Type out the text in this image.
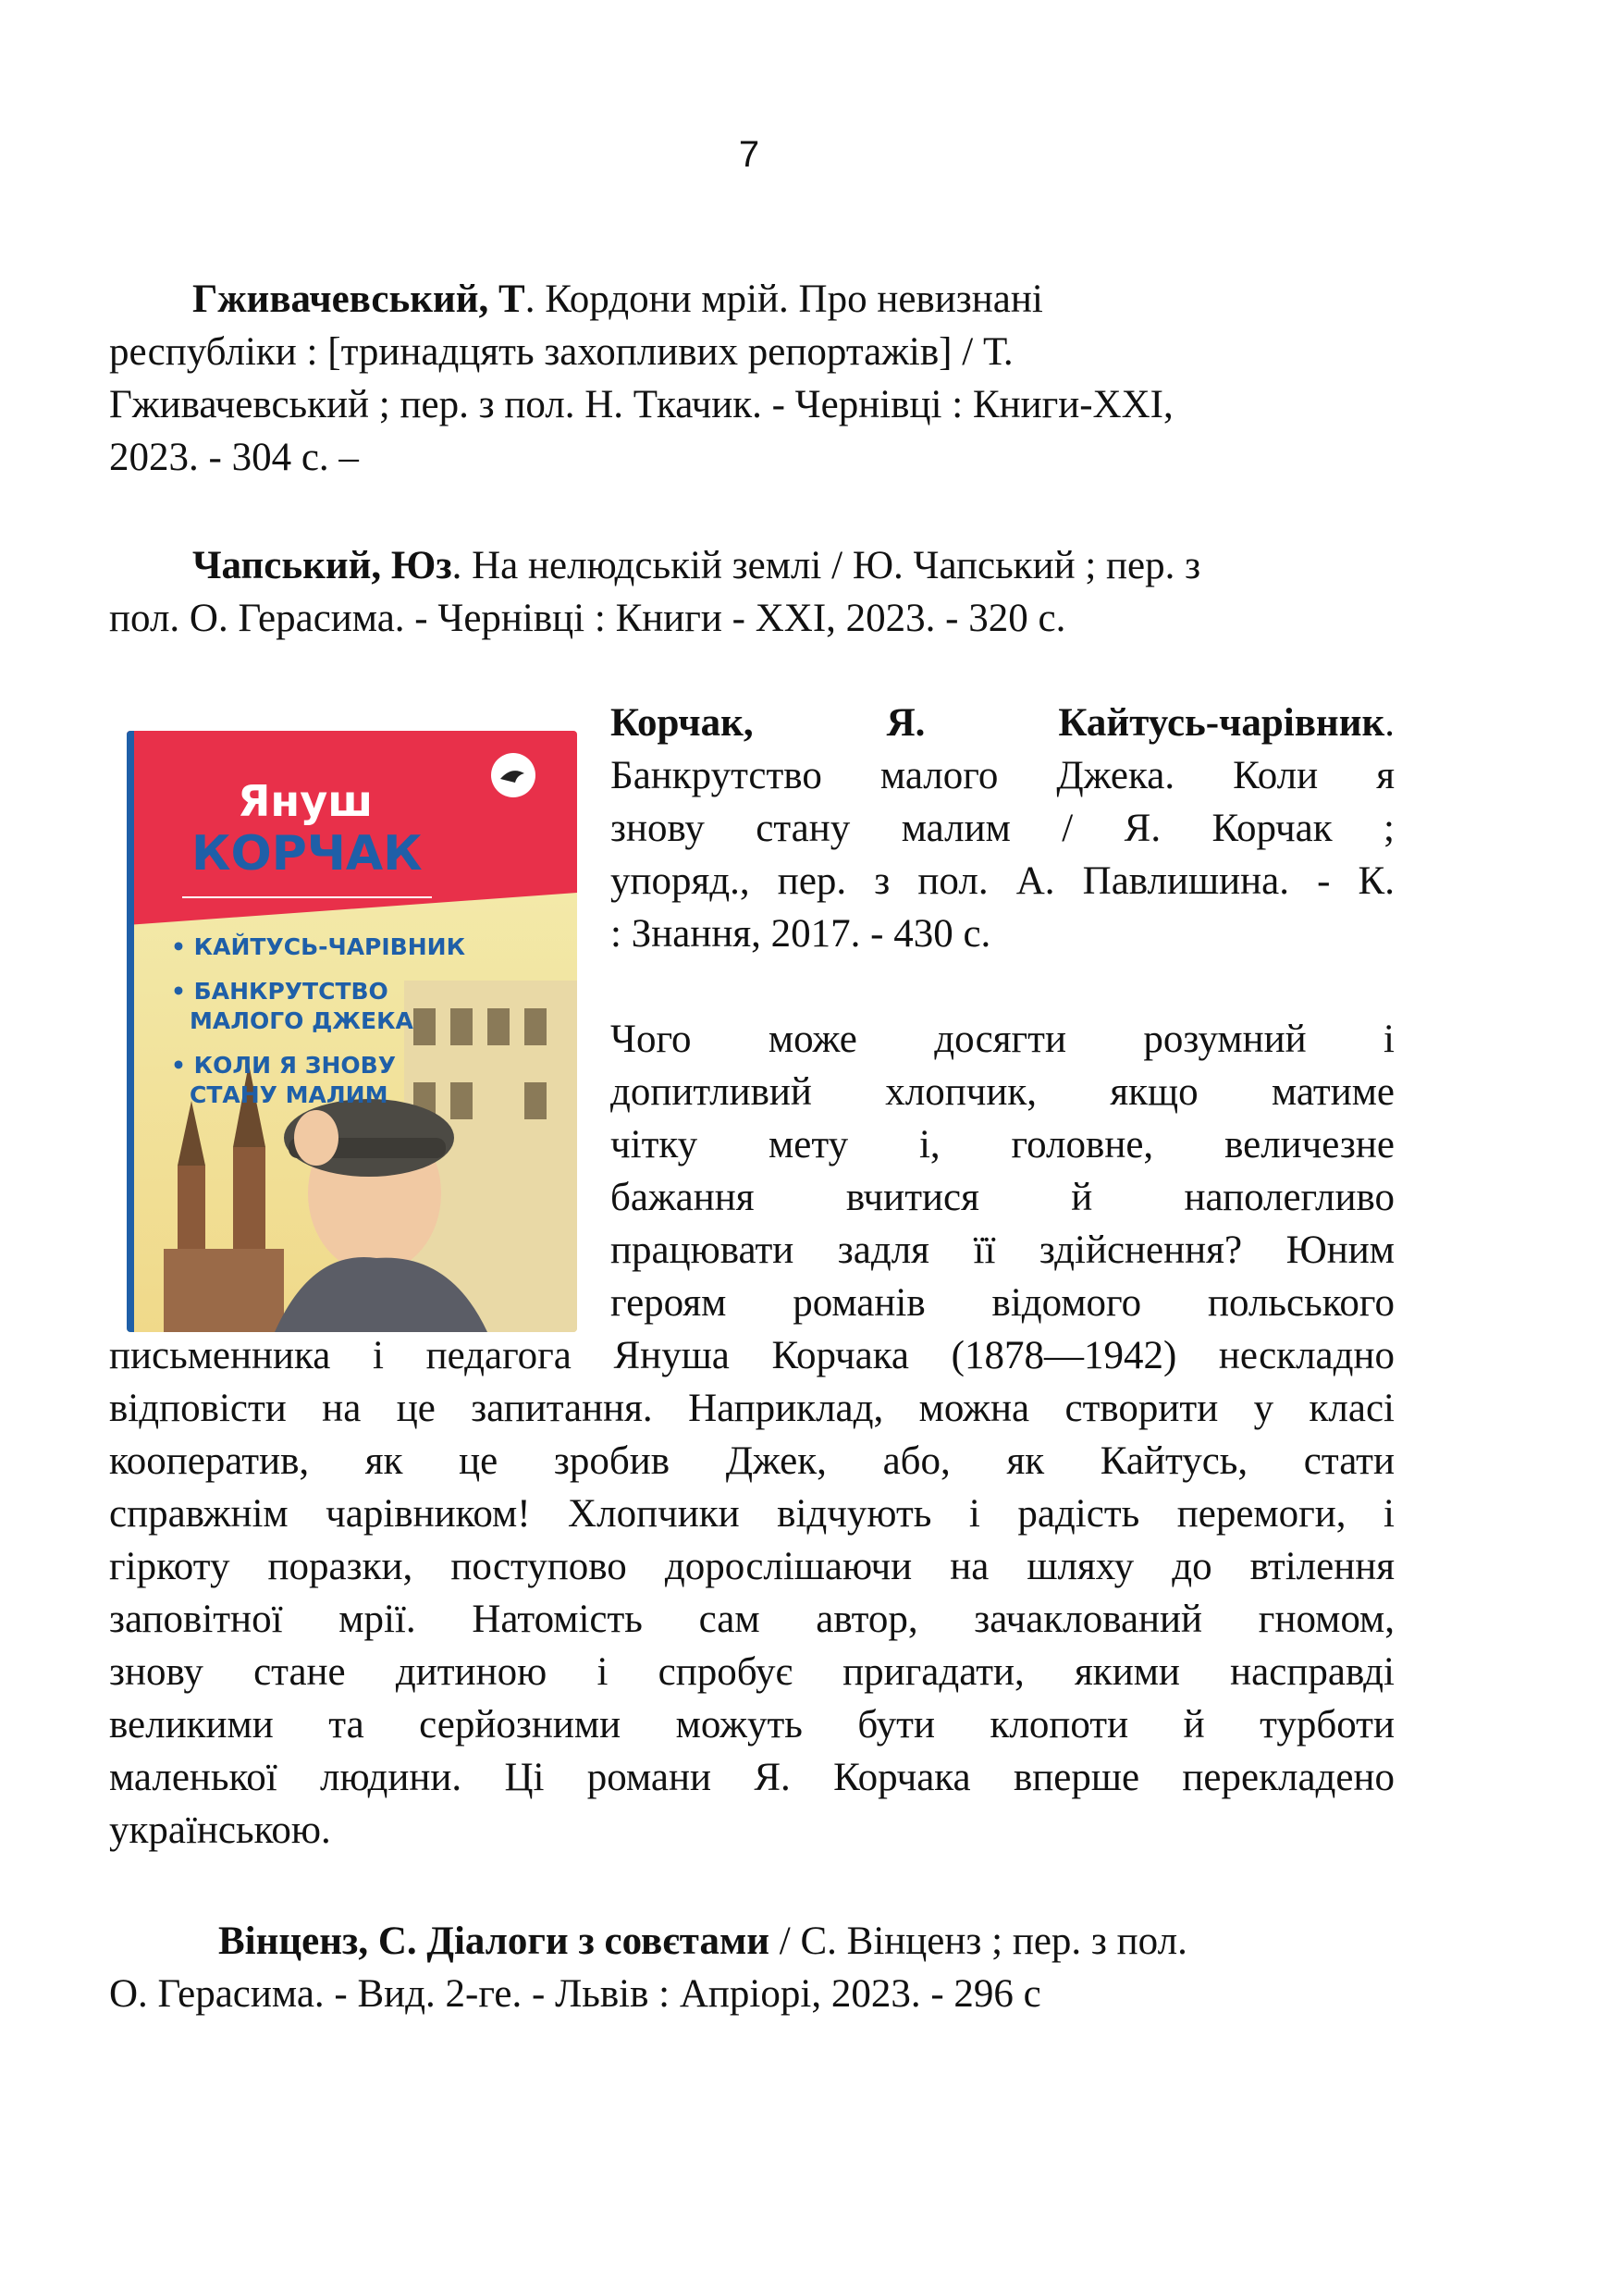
7

Гживачевський, Т. Кордони мрій. Про невизнані
республіки : [тринадцять захопливих репортажів] / Т.
Гживачевський ; пер. з пол. Н. Ткачик. - Чернівці : Книги-XXI,
2023. - 304 с. –

Чапський, Юз. На нелюдській землі / Ю. Чапський ; пер. з
пол. О. Герасима. - Чернівці : Книги - XXI, 2023. - 320 с.

Януш
КОРЧАК
• КАЙТУСЬ-ЧАРІВНИК
• БАНКРУТСТВО
МАЛОГО ДЖЕКА
• КОЛИ Я ЗНОВУ
СТАНУ МАЛИМ
Корчак, Я. Кайтусь-чарівник.
Банкрутство малого Джека. Коли я
знову стану малим / Я. Корчак ;
упоряд., пер. з пол. А. Павлишина. - К.
: Знання, 2017. - 430 с.
Чого може досягти розумний і
допитливий хлопчик, якщо матиме
чітку мету і, головне, величезне
бажання вчитися й наполегливо
працювати задля її здійснення? Юним
героям романів відомого польського
письменника і педагога Януша Корчака (1878—1942) нескладно
відповісти на це запитання. Наприклад, можна створити у класі
кооператив, як це зробив Джек, або, як Кайтусь, стати
справжнім чарівником! Хлопчики відчують і радість перемоги, і
гіркоту поразки, поступово дорослішаючи на шляху до втілення
заповітної мрії. Натомість сам автор, зачаклований гномом,
знову стане дитиною і спробує пригадати, якими насправді
великими та серйозними можуть бути клопоти й турботи
маленької людини. Ці романи Я. Корчака вперше перекладено
українською.

Вінценз, С. Діалоги з совєтами / С. Вінценз ; пер. з пол.
О. Герасима. - Вид. 2-ге. - Львів : Апріорі, 2023. - 296 с
